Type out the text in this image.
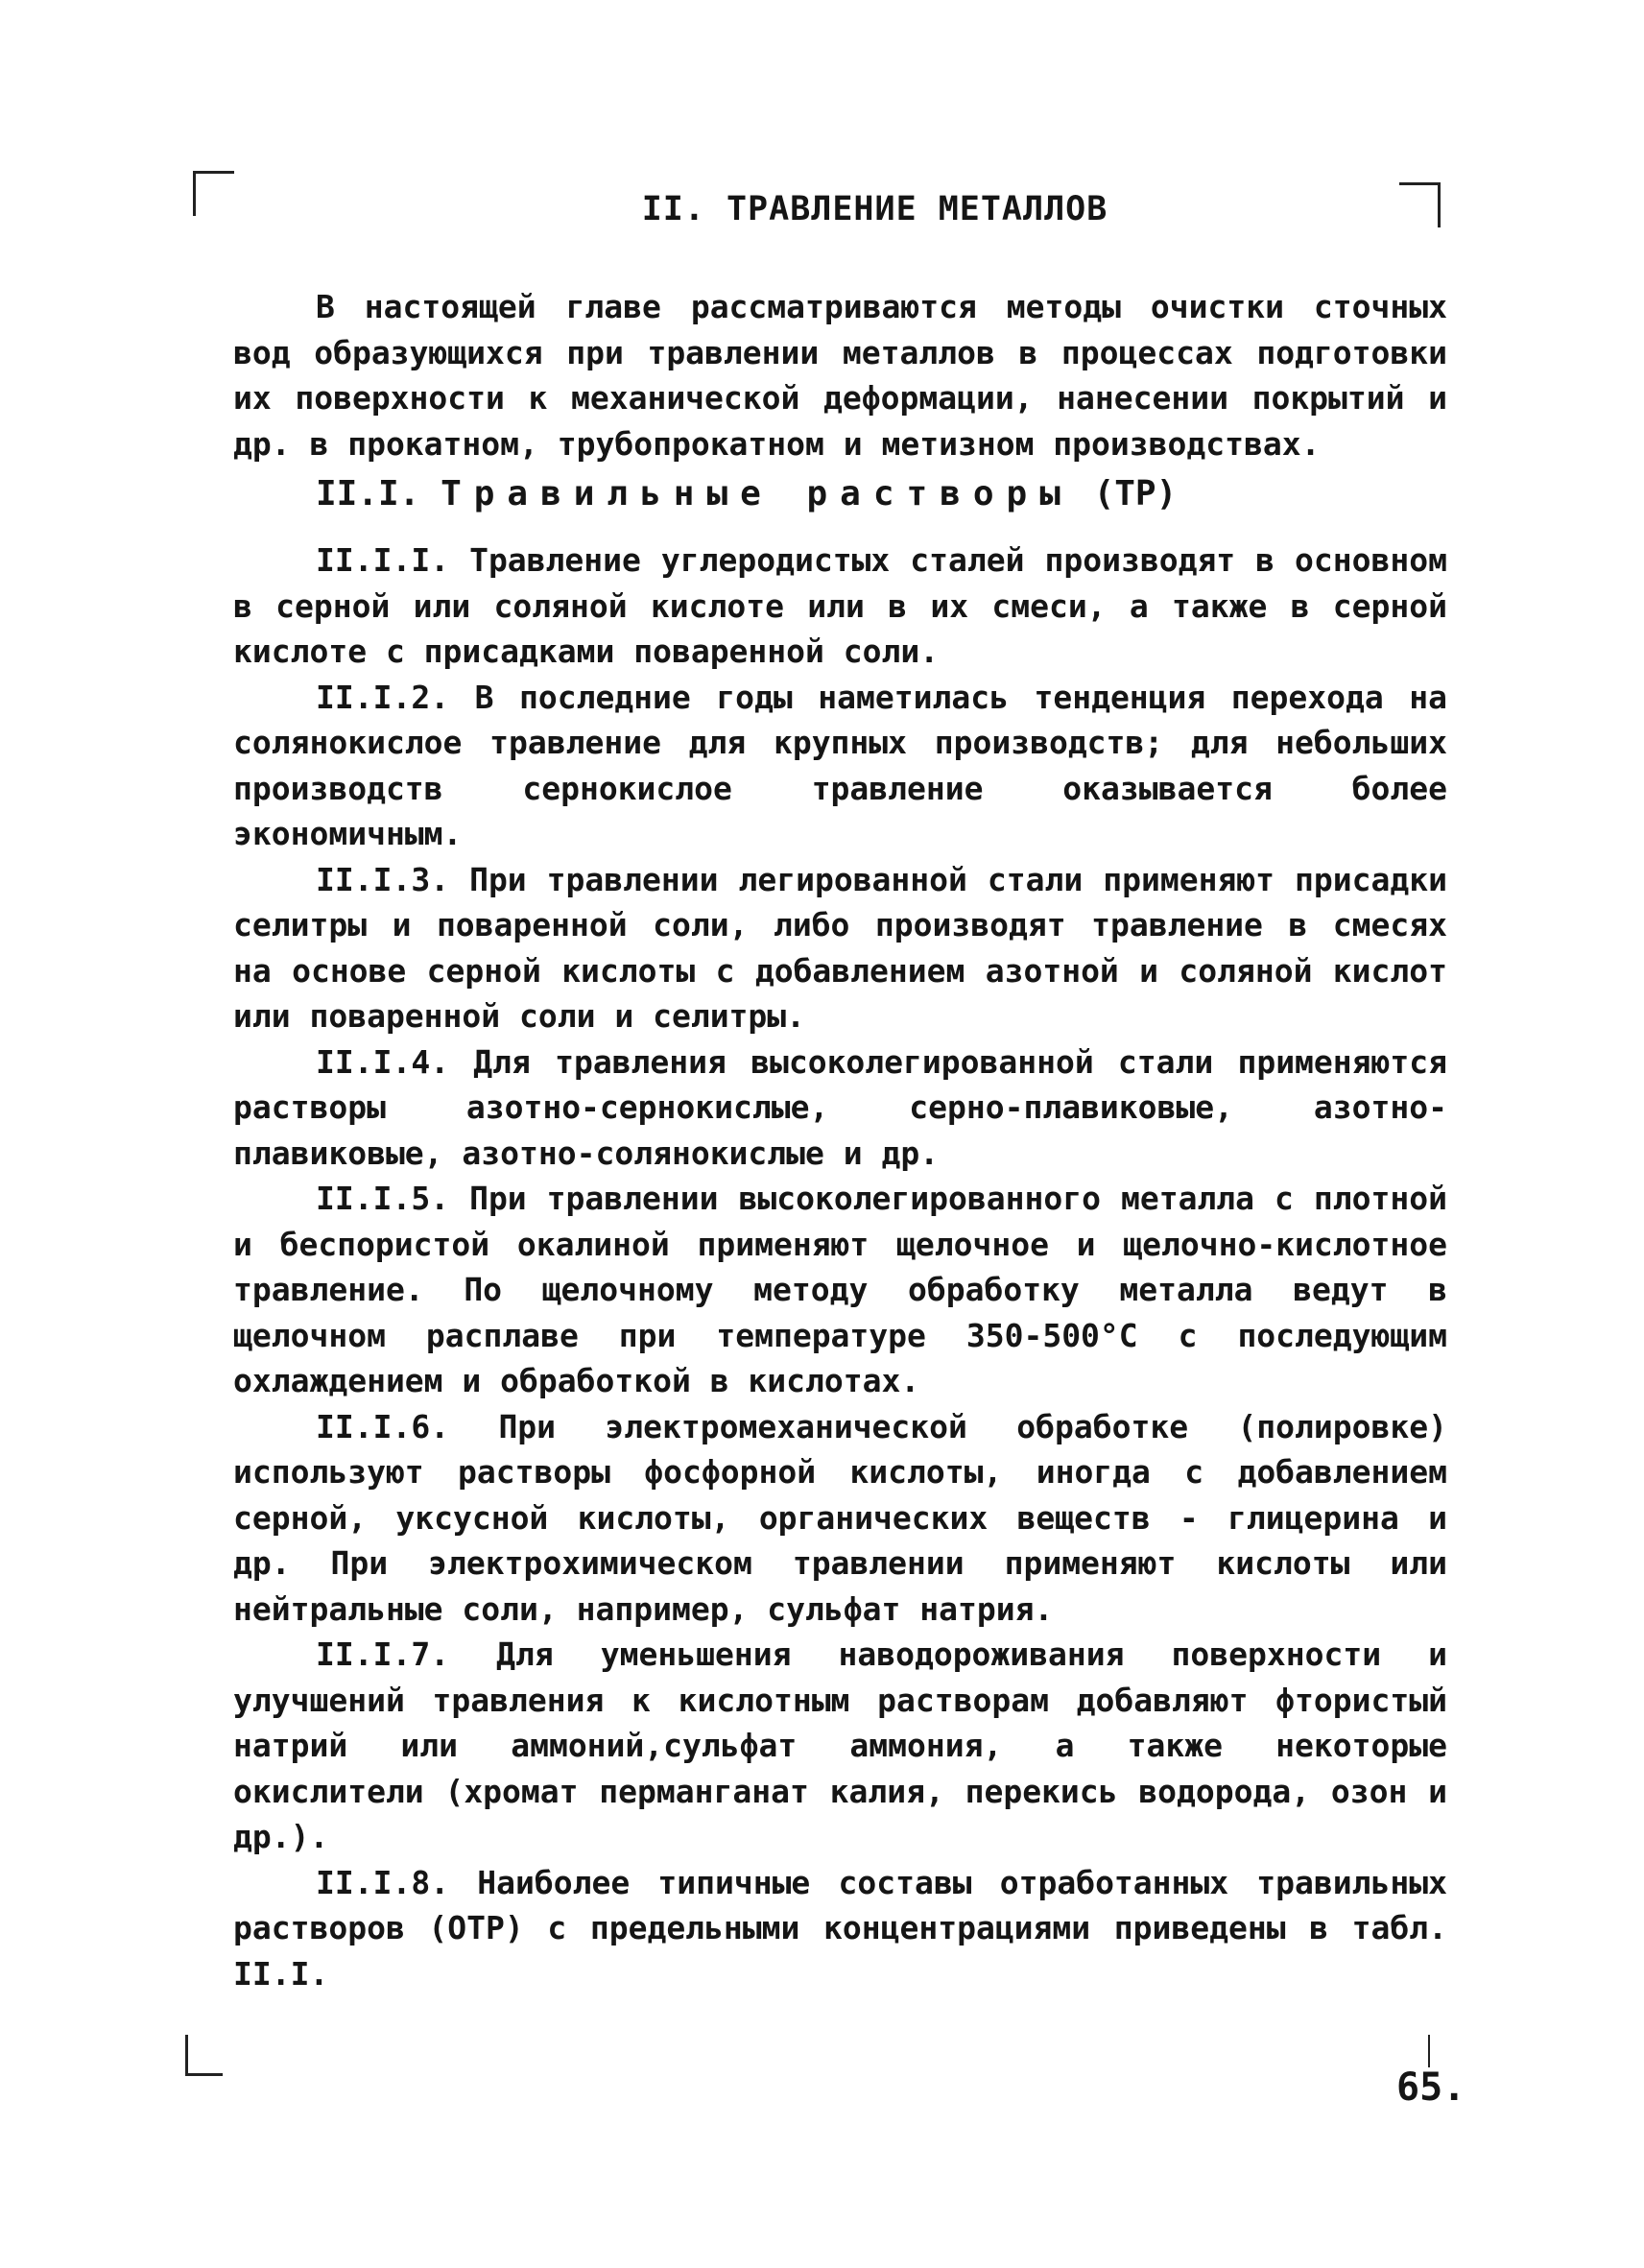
II. ТРАВЛЕНИЕ МЕТАЛЛОВ

В настоящей главе рассматриваются методы очистки сточных вод образующихся при травлении металлов в процессах подготовки их поверхности к механической деформации, нанесении покрытий и др. в прокатном, трубопрокатном и метизном производствах.

II.I. Травильные растворы (ТР)

II.I.I. Травление углеродистых сталей производят в основном в серной или соляной кислоте или в их смеси, а также в серной кислоте с присадками поваренной соли.

II.I.2. В последние годы наметилась тенденция перехода на солянокислое травление для крупных производств; для небольших производств сернокислое травление оказывается более экономичным.

II.I.3. При травлении легированной стали применяют присадки селитры и поваренной соли, либо производят травление в смесях на основе серной кислоты с добавлением азотной и соляной кислот или поваренной соли и селитры.

II.I.4. Для травления высоколегированной стали применяются растворы азотно-сернокислые, серно-плавиковые, азотно-плавиковые, азотно-солянокислые и др.

II.I.5. При травлении высоколегированного металла с плотной и беспористой окалиной применяют щелочное и щелочно-кислотное травление. По щелочному методу обработку металла ведут в щелочном расплаве при температуре 350-500°С с последующим охлаждением и обработкой в кислотах.

II.I.6. При электромеханической обработке (полировке) используют растворы фосфорной кислоты, иногда с добавлением серной, уксусной кислоты, органических веществ - глицерина и др. При электрохимическом травлении применяют кислоты или нейтральные соли, например, сульфат натрия.

II.I.7. Для уменьшения наводороживания поверхности и улучшений травления к кислотным растворам добавляют фтористый натрий или аммоний,сульфат аммония, а также некоторые окислители (хромат перманганат калия, перекись водорода, озон и др.).

II.I.8. Наиболее типичные составы отработанных травильных растворов (ОТР) с предельными концентрациями приведены в табл. II.I.

65.
